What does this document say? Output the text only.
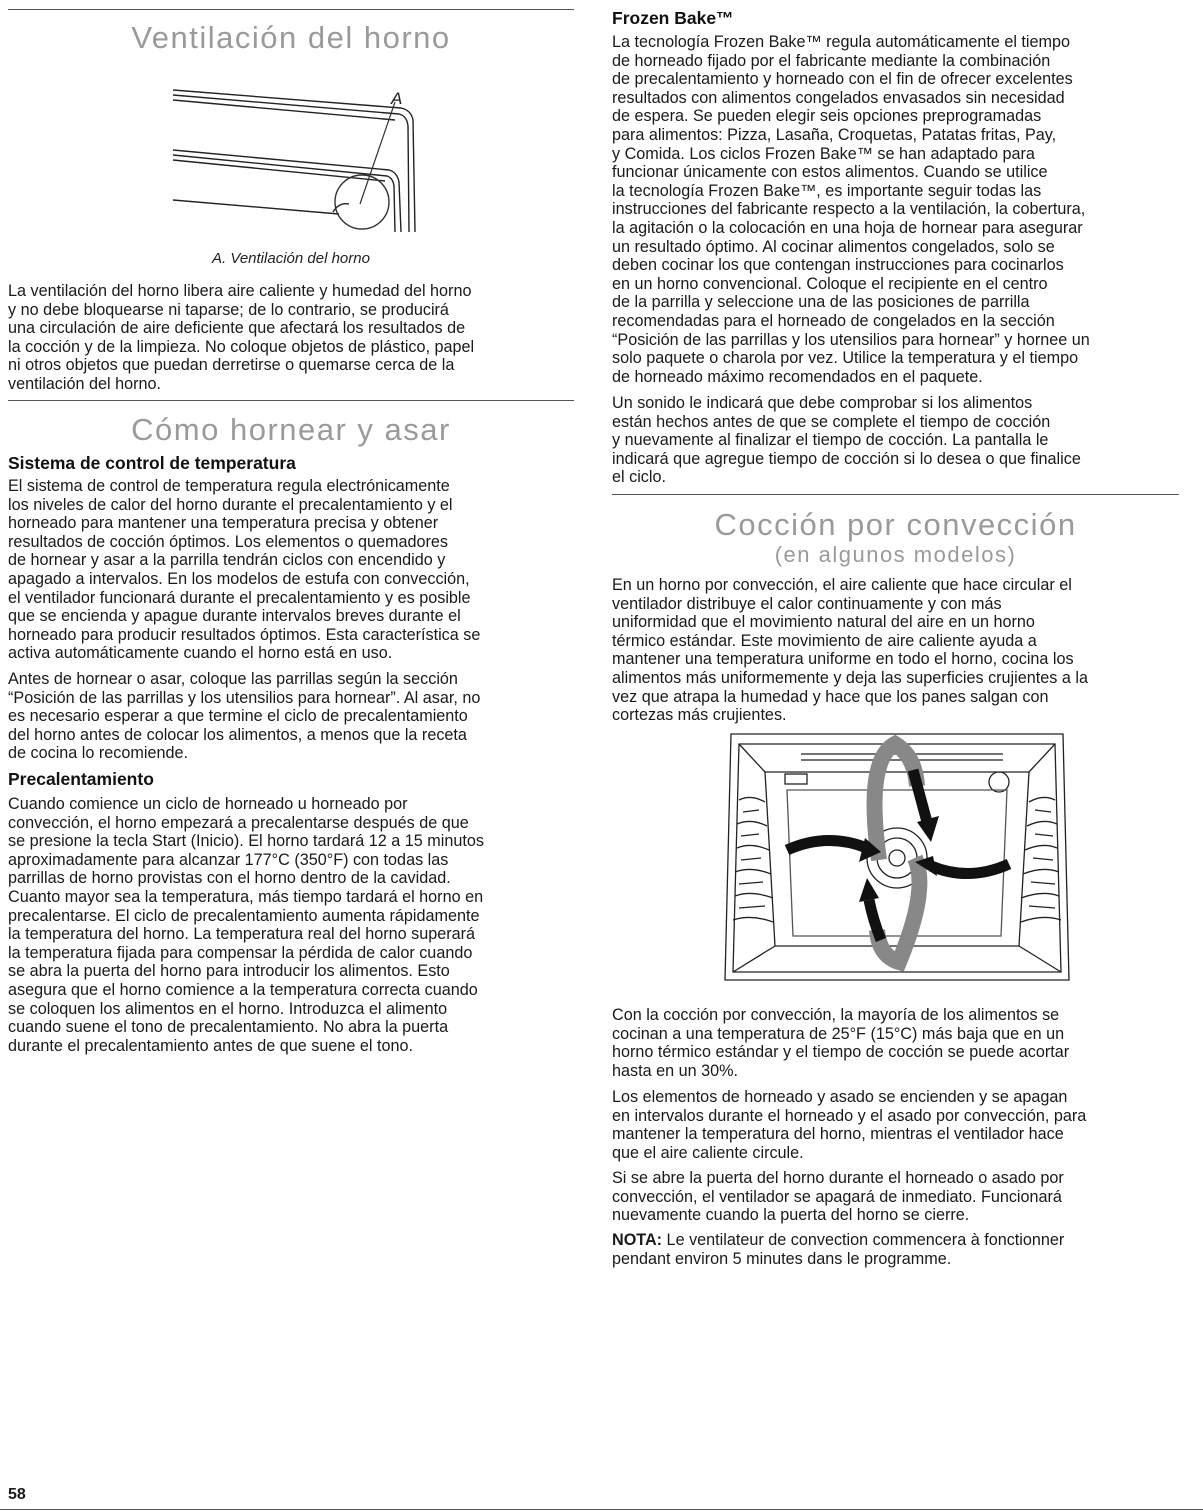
Ventilación del horno
A
A. Ventilación del horno

La ventilación del horno libera aire caliente y humedad del horno
y no debe bloquearse ni taparse; de lo contrario, se producirá
una circulación de aire deficiente que afectará los resultados de
la cocción y de la limpieza. No coloque objetos de plástico, papel
ni otros objetos que puedan derretirse o quemarse cerca de la
ventilación del horno.

Cómo hornear y asar
Sistema de control de temperatura

El sistema de control de temperatura regula electrónicamente
los niveles de calor del horno durante el precalentamiento y el
horneado para mantener una temperatura precisa y obtener
resultados de cocción óptimos. Los elementos o quemadores
de hornear y asar a la parrilla tendrán ciclos con encendido y
apagado a intervalos. En los modelos de estufa con convección,
el ventilador funcionará durante el precalentamiento y es posible
que se encienda y apague durante intervalos breves durante el
horneado para producir resultados óptimos. Esta característica se
activa automáticamente cuando el horno está en uso.

Antes de hornear o asar, coloque las parrillas según la sección
“Posición de las parrillas y los utensilios para hornear”. Al asar, no
es necesario esperar a que termine el ciclo de precalentamiento
del horno antes de colocar los alimentos, a menos que la receta
de cocina lo recomiende.

Precalentamiento

Cuando comience un ciclo de horneado u horneado por
convección, el horno empezará a precalentarse después de que
se presione la tecla Start (Inicio). El horno tardará 12 a 15 minutos
aproximadamente para alcanzar 177°C (350°F) con todas las
parrillas de horno provistas con el horno dentro de la cavidad.
Cuanto mayor sea la temperatura, más tiempo tardará el horno en
precalentarse. El ciclo de precalentamiento aumenta rápidamente
la temperatura del horno. La temperatura real del horno superará
la temperatura fijada para compensar la pérdida de calor cuando
se abra la puerta del horno para introducir los alimentos. Esto
asegura que el horno comience a la temperatura correcta cuando
se coloquen los alimentos en el horno. Introduzca el alimento
cuando suene el tono de precalentamiento. No abra la puerta
durante el precalentamiento antes de que suene el tono.

Frozen Bake™

La tecnología Frozen Bake™ regula automáticamente el tiempo
de horneado fijado por el fabricante mediante la combinación
de precalentamiento y horneado con el fin de ofrecer excelentes
resultados con alimentos congelados envasados sin necesidad
de espera. Se pueden elegir seis opciones preprogramadas
para alimentos: Pizza, Lasaña, Croquetas, Patatas fritas, Pay,
y Comida. Los ciclos Frozen Bake™ se han adaptado para
funcionar únicamente con estos alimentos. Cuando se utilice
la tecnología Frozen Bake™, es importante seguir todas las
instrucciones del fabricante respecto a la ventilación, la cobertura,
la agitación o la colocación en una hoja de hornear para asegurar
un resultado óptimo. Al cocinar alimentos congelados, solo se
deben cocinar los que contengan instrucciones para cocinarlos
en un horno convencional. Coloque el recipiente en el centro
de la parrilla y seleccione una de las posiciones de parrilla
recomendadas para el horneado de congelados en la sección
“Posición de las parrillas y los utensilios para hornear” y hornee un
solo paquete o charola por vez. Utilice la temperatura y el tiempo
de horneado máximo recomendados en el paquete.

Un sonido le indicará que debe comprobar si los alimentos
están hechos antes de que se complete el tiempo de cocción
y nuevamente al finalizar el tiempo de cocción. La pantalla le
indicará que agregue tiempo de cocción si lo desea o que finalice
el ciclo.

Cocción por convección
(en algunos modelos)

En un horno por convección, el aire caliente que hace circular el
ventilador distribuye el calor continuamente y con más
uniformidad que el movimiento natural del aire en un horno
térmico estándar. Este movimiento de aire caliente ayuda a
mantener una temperatura uniforme en todo el horno, cocina los
alimentos más uniformemente y deja las superficies crujientes a la
vez que atrapa la humedad y hace que los panes salgan con
cortezas más crujientes.

Con la cocción por convección, la mayoría de los alimentos se
cocinan a una temperatura de 25°F (15°C) más baja que en un
horno térmico estándar y el tiempo de cocción se puede acortar
hasta en un 30%.

Los elementos de horneado y asado se encienden y se apagan
en intervalos durante el horneado y el asado por convección, para
mantener la temperatura del horno, mientras el ventilador hace
que el aire caliente circule.

Si se abre la puerta del horno durante el horneado o asado por
convección, el ventilador se apagará de inmediato. Funcionará
nuevamente cuando la puerta del horno se cierre.

NOTA: Le ventilateur de convection commencera à fonctionner
pendant environ 5 minutes dans le programme.

58
